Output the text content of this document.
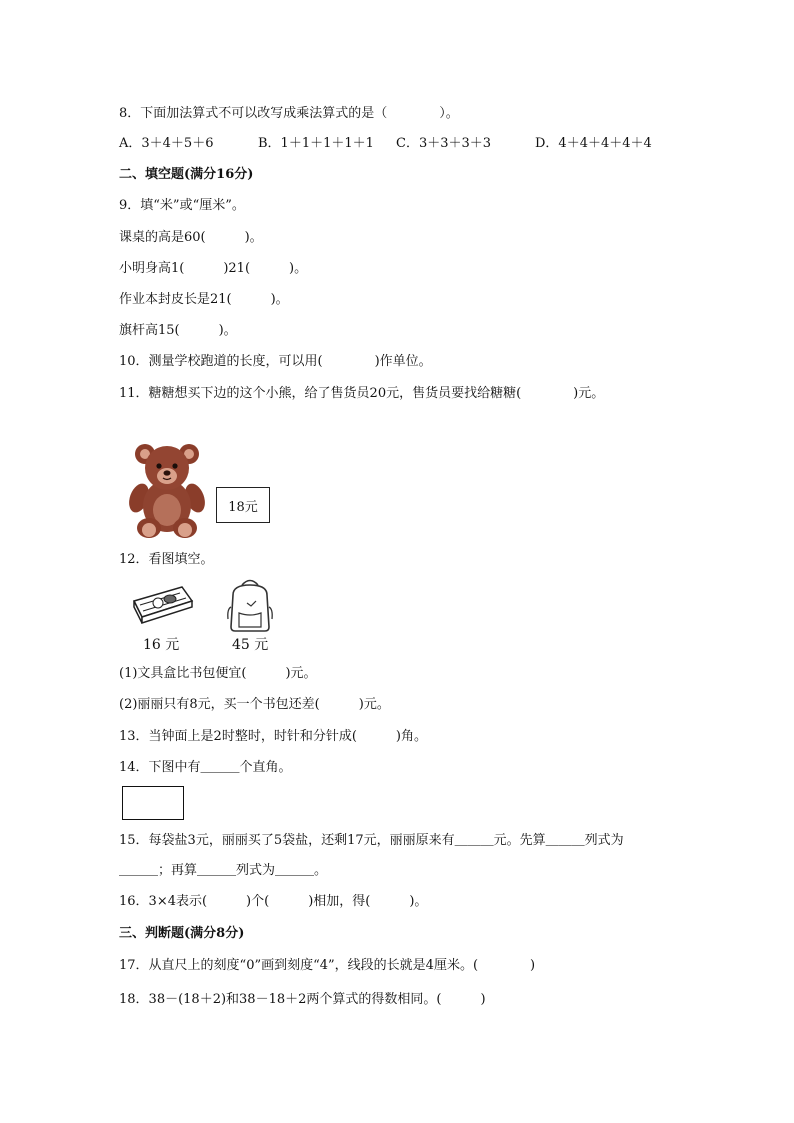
8．下面加法算式不可以改写成乘法算式的是（　　　　）。
A．3＋4＋5＋6	B．1＋1＋1＋1＋1 C．3＋3＋3＋3	D．4＋4＋4＋4＋4
二、填空题(满分16分)
9．填“米”或“厘米”。
课桌的高是60(　　　)。
小明身高1(　　　)21(　　　)。
作业本封皮长是21(　　　)。
旗杆高15(　　　)。
10．测量学校跑道的长度，可以用(　　　　)作单位。
11．糖糖想买下边的这个小熊，给了售货员20元，售货员要找给糖糖(　　　　)元。
18元
12．看图填空。
16 元	45 元
(1)文具盒比书包便宜(　　　)元。
(2)丽丽只有8元，买一个书包还差(　　　)元。
13．当钟面上是2时整时，时针和分针成(　　　)角。
14．下图中有＿＿＿个直角。
15．每袋盐3元，丽丽买了5袋盐，还剩17元，丽丽原来有＿＿＿元。先算＿＿＿列式为
＿＿＿；再算＿＿＿列式为＿＿＿。
16．3×4表示(　　　)个(　　　)相加，得(　　　)。
三、判断题(满分8分)
17．从直尺上的刻度“0”画到刻度“4”，线段的长就是4厘米。(　　　　)
18．38－(18＋2)和38－18＋2两个算式的得数相同。(　　　)
